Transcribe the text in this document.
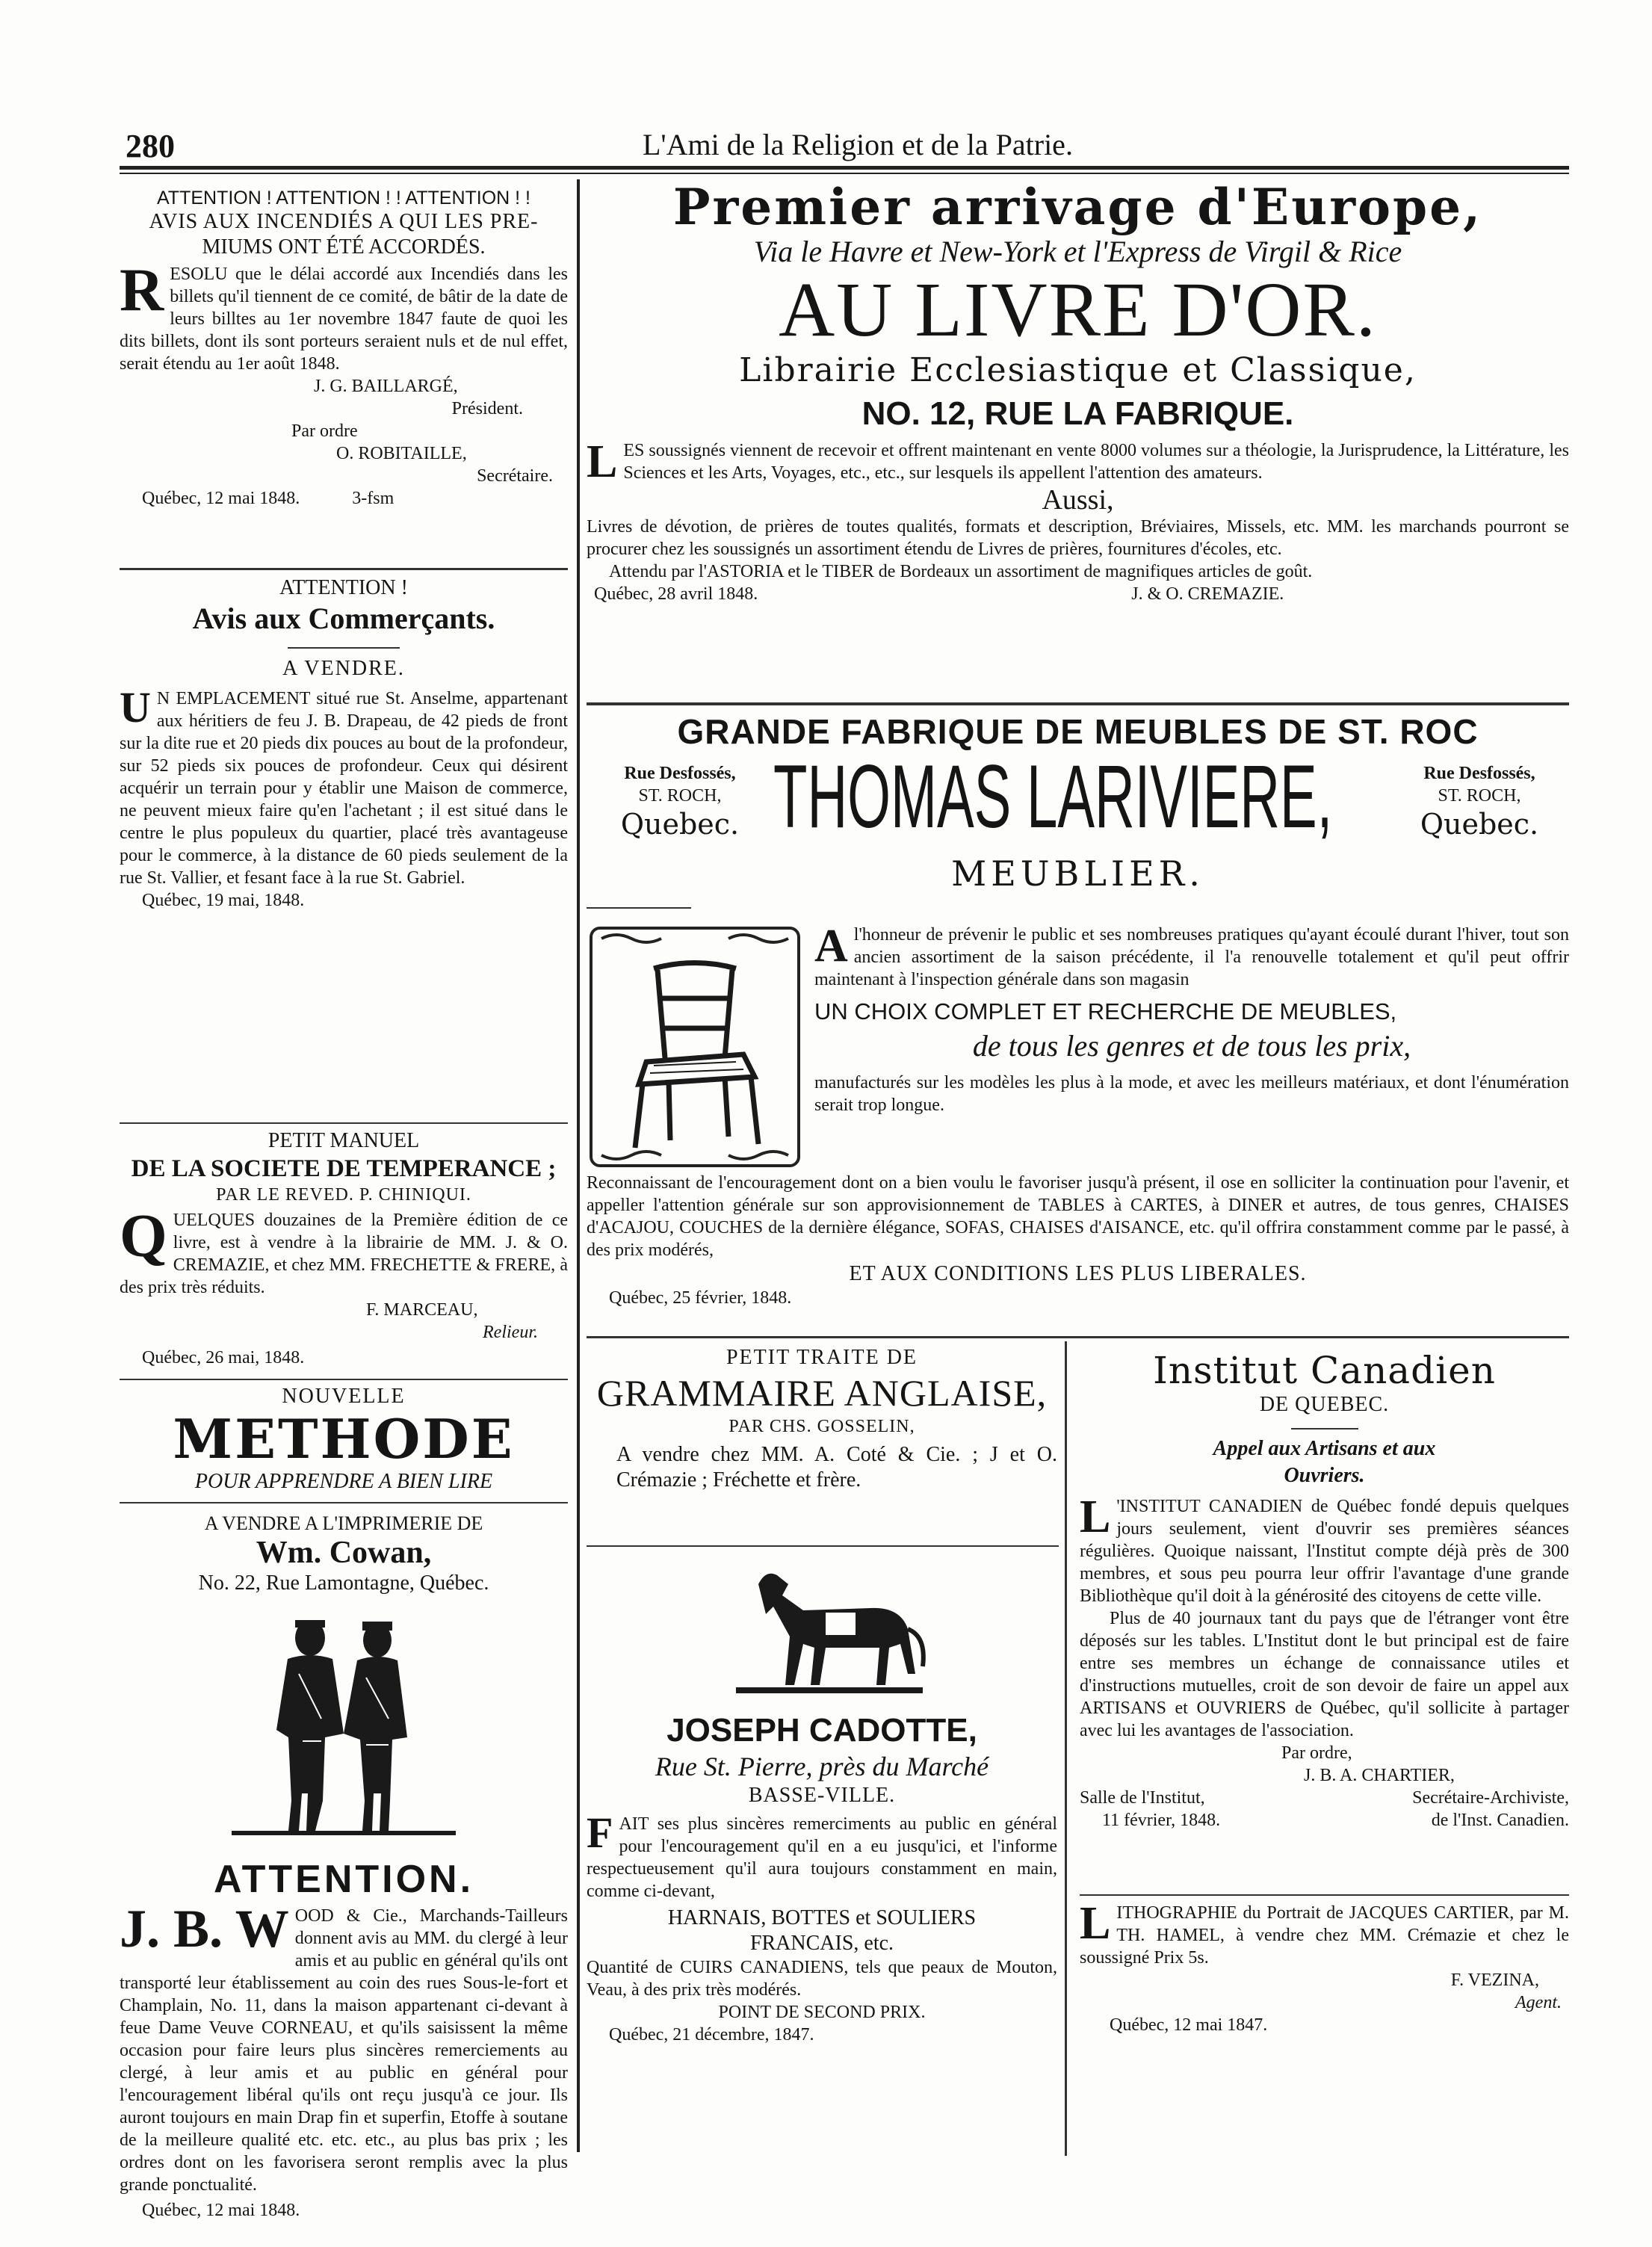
280	L'Ami de la Religion et de la Patrie.

ATTENTION ! ATTENTION ! ! ATTENTION ! !

AVIS AUX INCENDIÉS A QUI LES PRE-

MIUMS ONT ÉTÉ ACCORDÉS.

RESOLU que le délai accordé aux Incendiés dans les billets qu'il tiennent de ce comité, de bâtir de la date de leurs billtes au 1er novembre 1847 faute de quoi les dits billets, dont ils sont porteurs seraient nuls et de nul effet, serait étendu au 1er août 1848.

J. G. BAILLARGÉ,

Président.

Par ordre

O. ROBITAILLE,

Secrétaire.

Québec, 12 mai 1848.	3-fsm

ATTENTION !

Avis aux Commerçants.

A VENDRE.

U N EMPLACEMENT situé rue St. Anselme, appartenant aux héritiers de feu J. B. Drapeau, de 42 pieds de front sur la dite rue et 20 pieds dix pouces au bout de la profondeur, sur 52 pieds six pouces de profondeur. Ceux qui désirent acquérir un terrain pour y établir une Maison de commerce, ne peuvent mieux faire qu'en l'achetant ; il est situé dans le centre le plus populeux du quartier, placé très avantageuse pour le commerce, à la distance de 60 pieds seulement de la rue St. Vallier, et fesant face à la rue St. Gabriel.

Québec, 19 mai, 1848.

PETIT MANUEL

DE LA SOCIETE DE TEMPERANCE ;

PAR LE REVED. P. CHINIQUI.

QUELQUES douzaines de la Première édition de ce livre, est à vendre à la librairie de MM. J. & O. CREMAZIE, et chez MM. FRECHETTE & FRERE, à des prix très réduits.

F. MARCEAU,

Relieur.

Québec, 26 mai, 1848.

NOUVELLE

METHODE

POUR APPRENDRE A BIEN LIRE

A VENDRE A L'IMPRIMERIE DE

Wm. Cowan,

No. 22, Rue Lamontagne, Québec.

ATTENTION.

J. B. W OOD & Cie., Marchands-Tailleurs donnent avis au MM. du clergé à leur amis et au public en général qu'ils ont transporté leur établissement au coin des rues Sous-le-fort et Champlain, No. 11, dans la maison appartenant ci-devant à feue Dame Veuve CORNEAU, et qu'ils saisissent la même occasion pour faire leurs plus sincères remerciements au clergé, à leur amis et au public en général pour l'encouragement libéral qu'ils ont reçu jusqu'à ce jour. Ils auront toujours en main Drap fin et superfin, Etoffe à soutane de la meilleure qualité etc. etc. etc., au plus bas prix ; les ordres dont on les favorisera seront remplis avec la plus grande ponctualité.

Québec, 12 mai 1848.

Premier arrivage d'Europe,

Via le Havre et New-York et l'Express de Virgil & Rice

AU LIVRE D'OR.

Librairie Ecclesiastique et Classique,

NO. 12, RUE LA FABRIQUE.

LES soussignés viennent de recevoir et offrent maintenant en vente 8000 volumes sur a théologie, la Jurisprudence, la Littérature, les Sciences et les Arts, Voyages, etc., etc., sur lesquels ils appellent l'attention des amateurs.

Aussi,

Livres de dévotion, de prières de toutes qualités, formats et description, Bréviaires, Missels, etc. MM. les marchands pourront se procurer chez les soussignés un assortiment étendu de Livres de prières, fournitures d'écoles, etc.

Attendu par l'ASTORIA et le TIBER de Bordeaux un assortiment de magnifiques articles de goût.

Québec, 28 avril 1848.	J. & O. CREMAZIE.

GRANDE FABRIQUE DE MEUBLES DE ST. ROC

Rue Desfossés,

ST. ROCH,

Quebec. THOMAS LARIVIERE,	Rue Desfossés,

ST. ROCH,

Quebec.

MEUBLIER.

Al'honneur de prévenir le public et ses nombreuses pratiques qu'ayant écoulé durant l'hiver, tout son ancien assortiment de la saison précédente, il l'a renouvelle totalement et qu'il peut offrir maintenant à l'inspection générale dans son magasin

UN CHOIX COMPLET ET RECHERCHE DE MEUBLES,

de tous les genres et de tous les prix,

manufacturés sur les modèles les plus à la mode, et avec les meilleurs matériaux, et dont l'énumération serait trop longue.

Reconnaissant de l'encouragement dont on a bien voulu le favoriser jusqu'à présent, il ose en solliciter la continuation pour l'avenir, et appeller l'attention générale sur son approvisionnement de TABLES à CARTES, à DINER et autres, de tous genres, CHAISES d'ACAJOU, COUCHES de la dernière élégance, SOFAS, CHAISES d'AISANCE, etc. qu'il offrira constamment comme par le passé, à des prix modérés,

ET AUX CONDITIONS LES PLUS LIBERALES.

Québec, 25 février, 1848.

PETIT TRAITE DE

GRAMMAIRE ANGLAISE,

PAR CHS. GOSSELIN,

A vendre chez MM. A. Coté & Cie. ; J et O. Crémazie ; Fréchette et frère.

JOSEPH CADOTTE,

Rue St. Pierre, près du Marché

BASSE-VILLE.

FAIT ses plus sincères remerciments au public en général pour l'encouragement qu'il en a eu jusqu'ici, et l'informe respectueusement qu'il aura toujours constamment en main, comme ci-devant,

HARNAIS, BOTTES et SOULIERS

FRANCAIS, etc.

Quantité de CUIRS CANADIENS, tels que peaux de Mouton, Veau, à des prix très modérés.

POINT DE SECOND PRIX.

Québec, 21 décembre, 1847.

Institut Canadien

DE QUEBEC.

Appel aux Artisans et aux

Ouvriers.

L 'INSTITUT CANADIEN de Québec fondé depuis quelques jours seulement, vient d'ouvrir ses premières séances régulières. Quoique naissant, l'Institut compte déjà près de 300 membres, et sous peu pourra leur offrir l'avantage d'une grande Bibliothèque qu'il doit à la générosité des citoyens de cette ville.

Plus de 40 journaux tant du pays que de l'étranger vont être déposés sur les tables. L'Institut dont le but principal est de faire entre ses membres un échange de connaissance utiles et d'instructions mutuelles, croit de son devoir de faire un appel aux ARTISANS et OUVRIERS de Québec, qu'il sollicite à partager avec lui les avantages de l'association.

Par ordre,

J. B. A. CHARTIER,

Salle de l'Institut,

11 février, 1848.

Secrétaire-Archiviste,

de l'Inst. Canadien.

LITHOGRAPHIE du Portrait de JACQUES CARTIER, par M. TH. HAMEL, à vendre chez MM. Crémazie et chez le soussigné Prix 5s.

F. VEZINA,

Agent.

Québec, 12 mai 1847.
